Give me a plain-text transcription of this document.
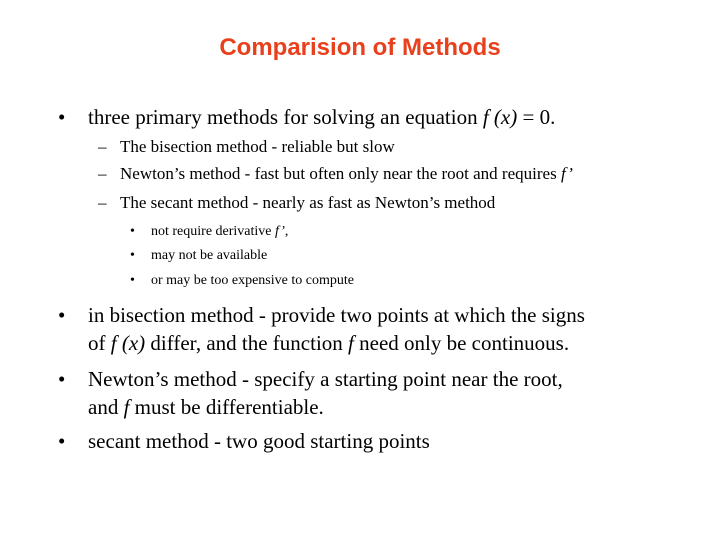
Comparision of Methods
• three primary methods for solving an equation f (x) = 0.
– The bisection method - reliable but slow
– Newton’s method - fast but often only near the root and requires f’
– The secant method - nearly as fast as Newton’s method
• not require derivative f’,
• may not be available
• or may be too expensive to compute
• in bisection method - provide two points at which the signs
of f (x) differ, and the function f need only be continuous.
• Newton’s method - specify a starting point near the root,
and f must be differentiable.
• secant method - two good starting points
